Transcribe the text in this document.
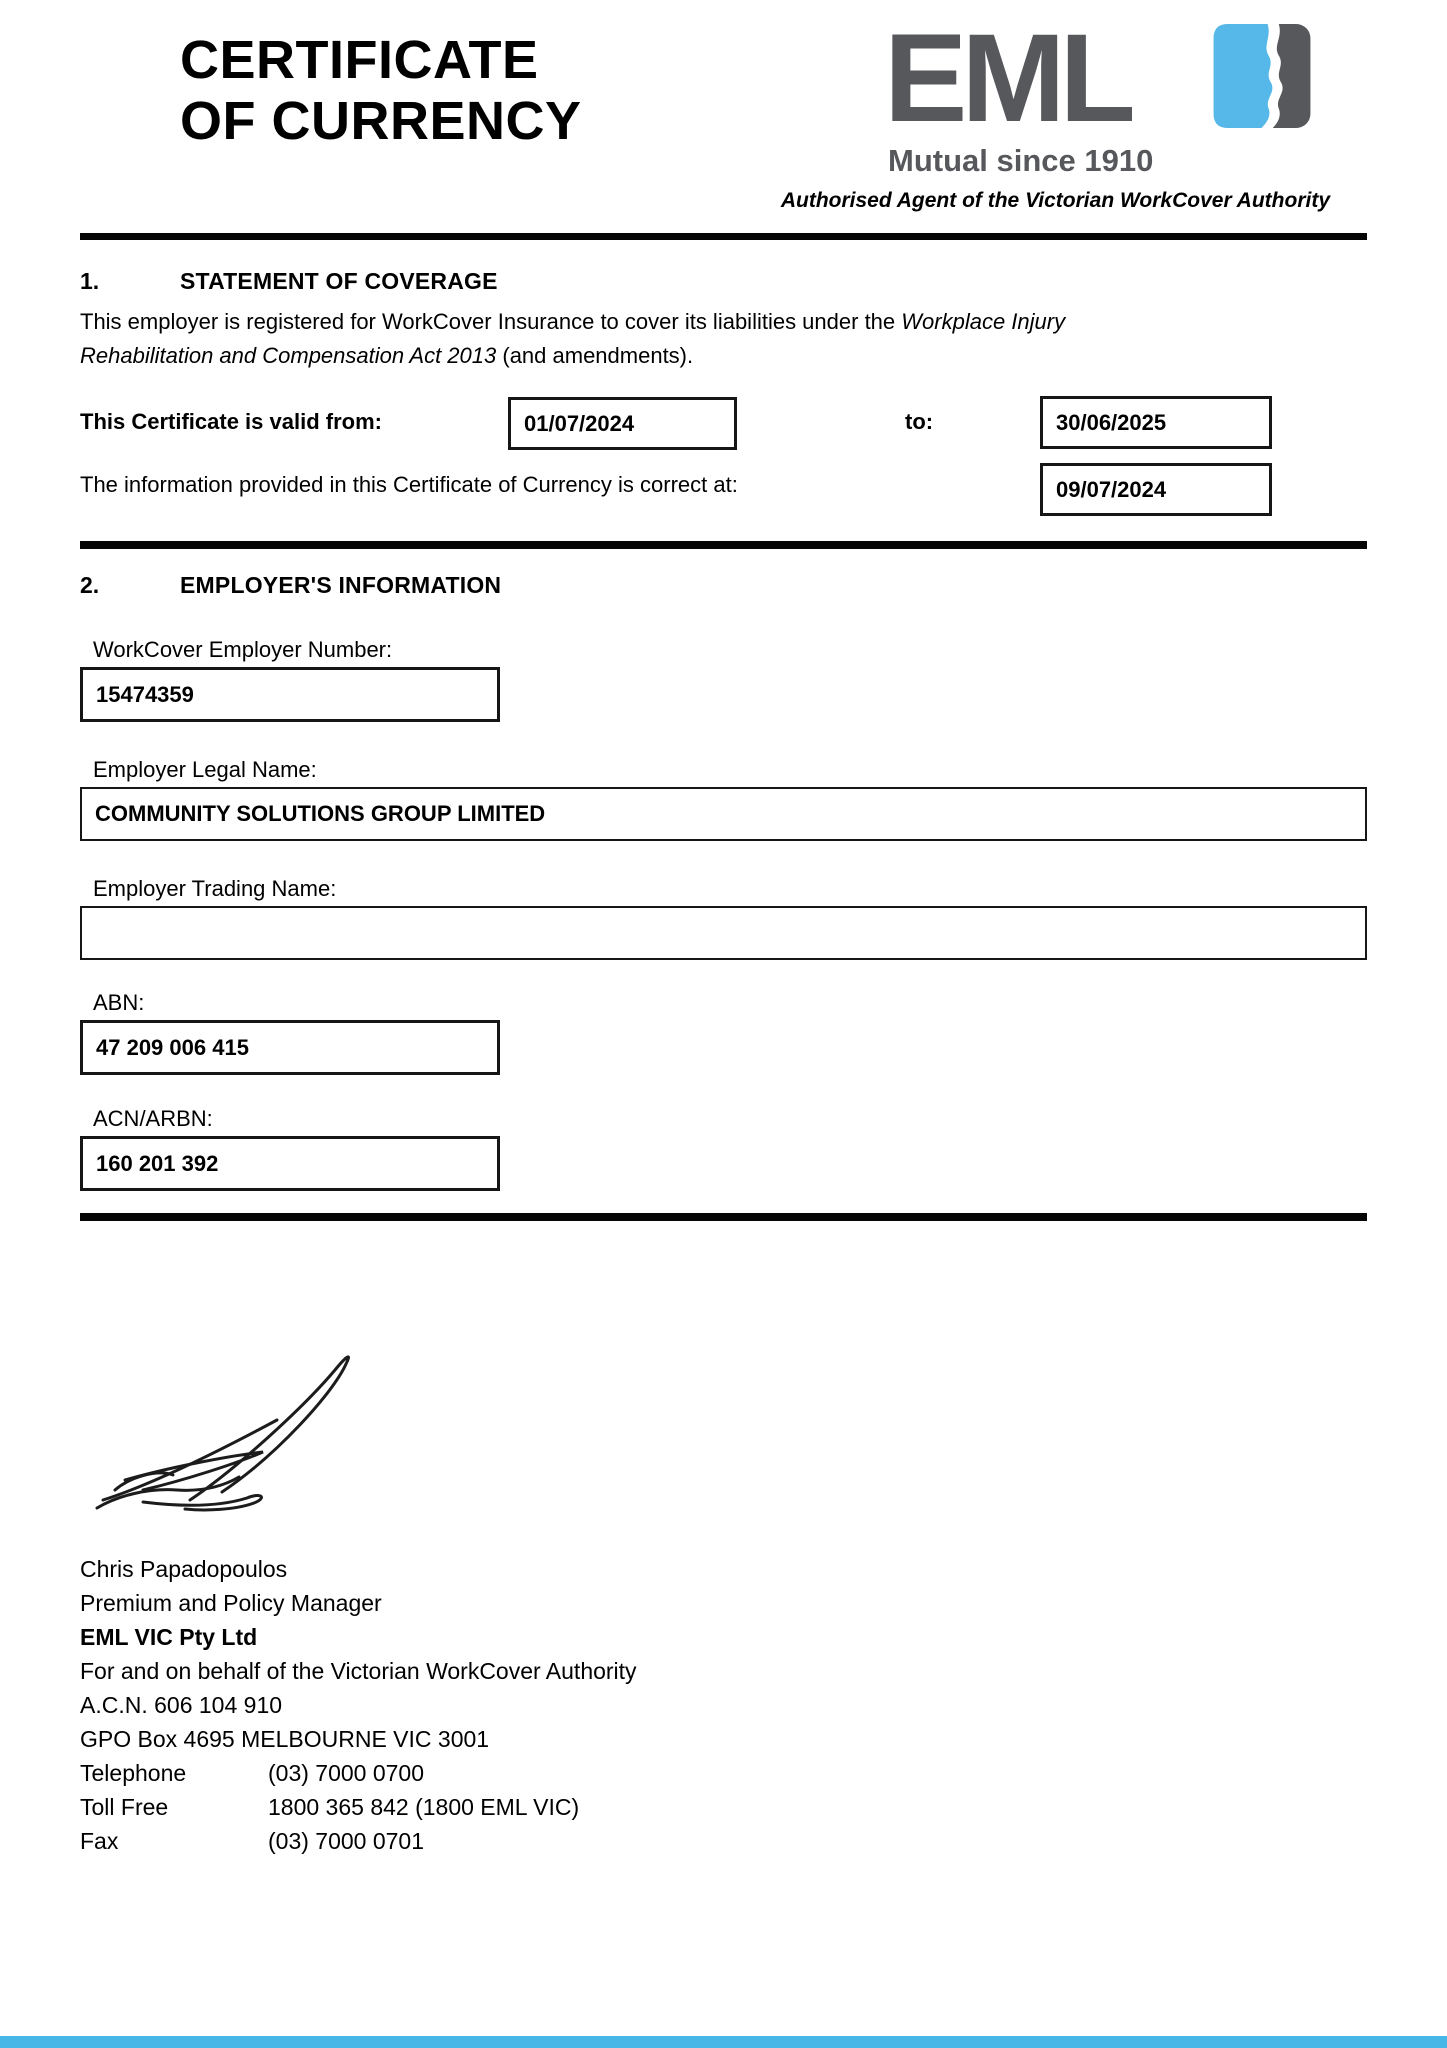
CERTIFICATE
OF CURRENCY EML
Mutual since 1910
Authorised Agent of the Victorian WorkCover Authority
1.	STATEMENT OF COVERAGE
This employer is registered for WorkCover Insurance to cover its liabilities under the Workplace Injury
Rehabilitation and Compensation Act 2013 (and amendments).
This Certificate is valid from:	01/07/2024	to:	30/06/2025
The information provided in this Certificate of Currency is correct at:	09/07/2024
2.	EMPLOYER'S INFORMATION
WorkCover Employer Number:
15474359
Employer Legal Name:
COMMUNITY SOLUTIONS GROUP LIMITED
Employer Trading Name:
ABN:
47 209 006 415
ACN/ARBN:
160 201 392
Chris Papadopoulos
Premium and Policy Manager
EML VIC Pty Ltd
For and on behalf of the Victorian WorkCover Authority
A.C.N. 606 104 910
GPO Box 4695 MELBOURNE VIC 3001
Telephone	(03) 7000 0700
Toll Free	1800 365 842 (1800 EML VIC)
Fax	(03) 7000 0701
